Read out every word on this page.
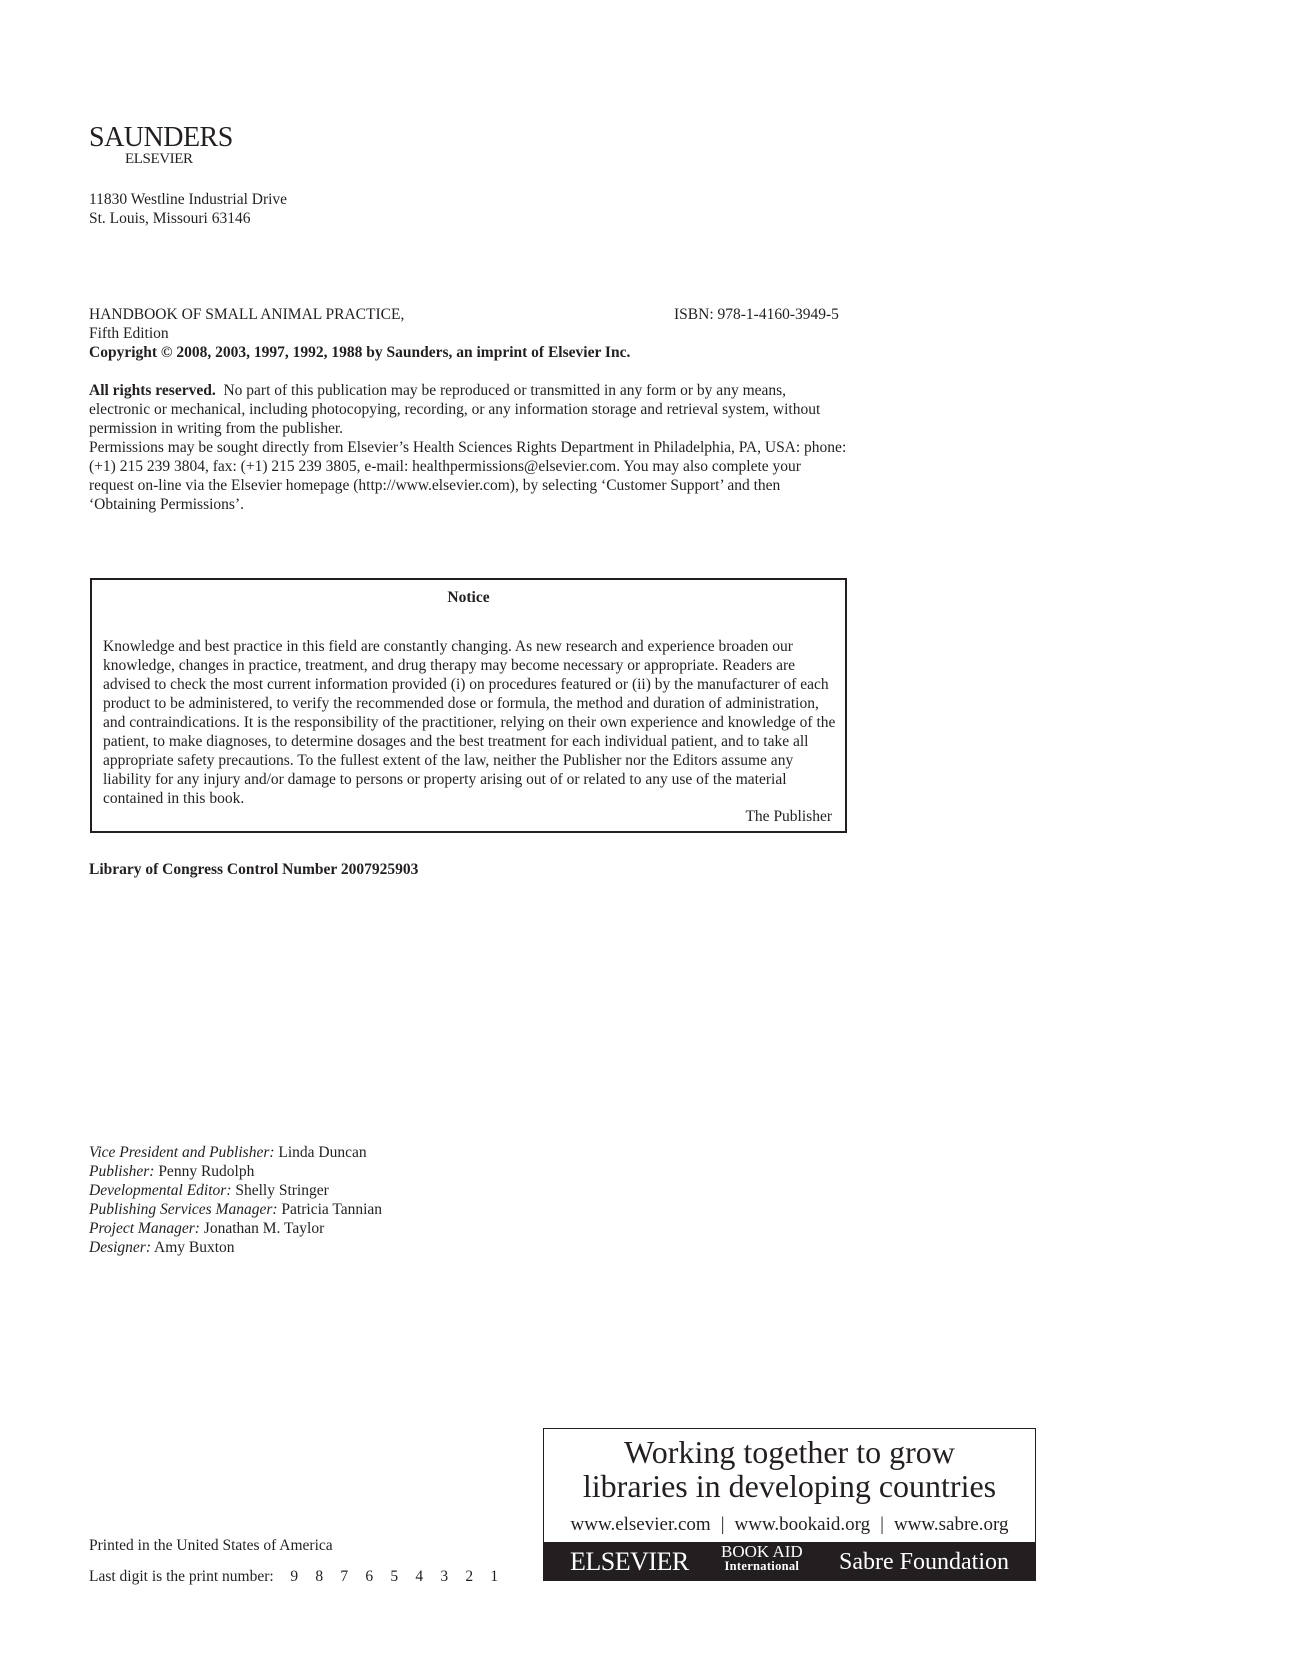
SAUNDERS
ELSEVIER
11830 Westline Industrial Drive
St. Louis, Missouri 63146
HANDBOOK OF SMALL ANIMAL PRACTICE,
Fifth Edition
Copyright © 2008, 2003, 1997, 1992, 1988 by Saunders, an imprint of Elsevier Inc.
ISBN: 978-1-4160-3949-5

All rights reserved. No part of this publication may be reproduced or transmitted in any form or by any means, electronic or mechanical, including photocopying, recording, or any information storage and retrieval system, without permission in writing from the publisher.

Permissions may be sought directly from Elsevier’s Health Sciences Rights Department in Philadelphia, PA, USA: phone: (+1) 215 239 3804, fax: (+1) 215 239 3805, e-mail: healthpermissions@elsevier.com. You may also complete your request on-line via the Elsevier homepage (http://www.elsevier.com), by selecting ‘Customer Support’ and then ‘Obtaining Permissions’.

Notice
Knowledge and best practice in this field are constantly changing. As new research and experience broaden our knowledge, changes in practice, treatment, and drug therapy may become necessary or appropriate. Readers are advised to check the most current information provided (i) on procedures featured or (ii) by the manufacturer of each product to be administered, to verify the recommended dose or formula, the method and duration of administration, and contraindications. It is the responsibility of the practitioner, relying on their own experience and knowledge of the patient, to make diagnoses, to determine dosages and the best treatment for each individual patient, and to take all appropriate safety precautions. To the fullest extent of the law, neither the Publisher nor the Editors assume any liability for any injury and/or damage to persons or property arising out of or related to any use of the material contained in this book.
The Publisher
Library of Congress Control Number 2007925903
Vice President and Publisher: Linda Duncan
Publisher: Penny Rudolph
Developmental Editor: Shelly Stringer
Publishing Services Manager: Patricia Tannian
Project Manager: Jonathan M. Taylor
Designer: Amy Buxton
Printed in the United States of America
Last digit is the print number: 9 8 7 6 5 4 3 2 1
Working together to grow
libraries in developing countries
www.elsevier.com | www.bookaid.org | www.sabre.org
ELSEVIER BOOK AID
International Sabre Foundation
